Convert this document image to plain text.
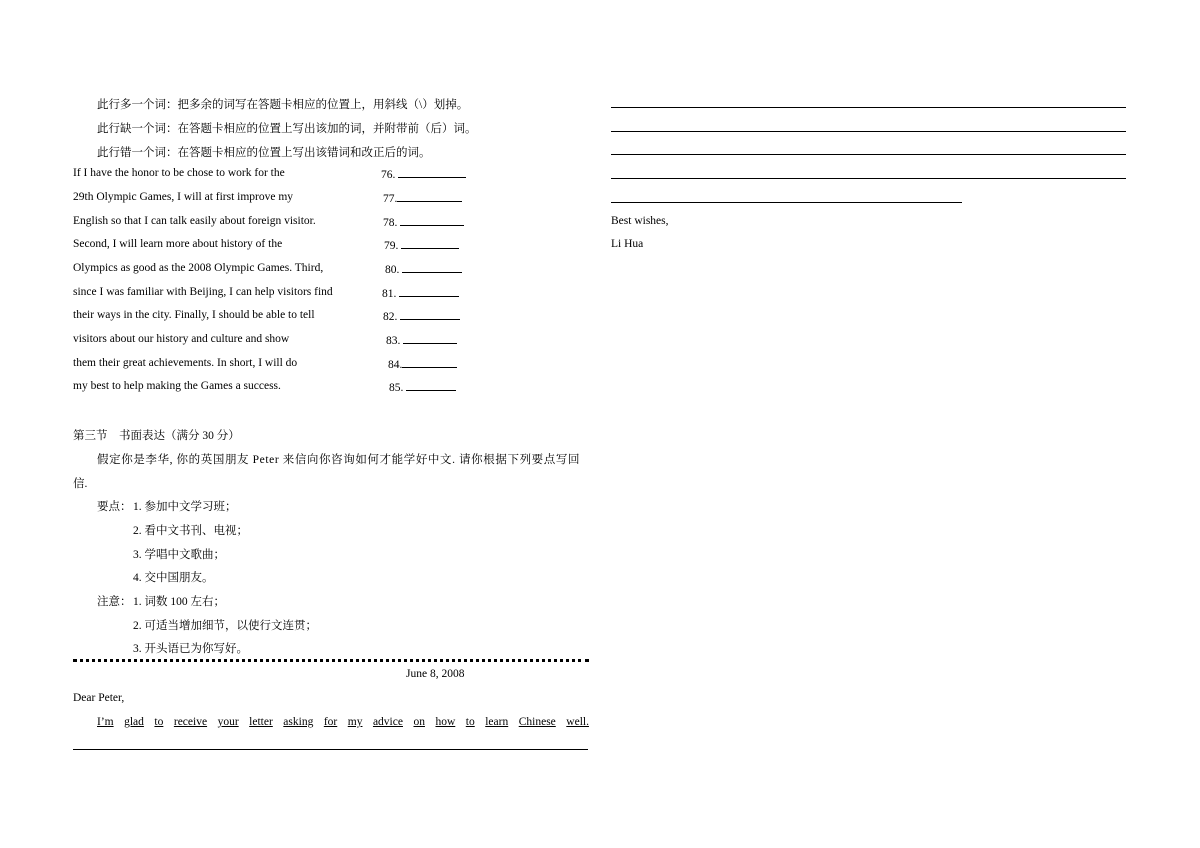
此行多一个词：把多余的词写在答题卡相应的位置上，用斜线（\）划掉。
此行缺一个词：在答题卡相应的位置上写出该加的词，并附带前（后）词。
此行错一个词：在答题卡相应的位置上写出该错词和改正后的词。
If I have the honor to be chose to work for the	76.
29th Olympic Games, I will at first improve my	77.
English so that I can talk easily about foreign visitor.	78.
Second, I will learn more about history of the	79.
Olympics as good as the 2008 Olympic Games. Third,	80.
since I was familiar with Beijing, I can help visitors find	81.
their ways in the city. Finally, I should be able to tell	82.
visitors about our history and culture and show	83.
them their great achievements. In short, I will do	84.
my best to help making the Games a success.	85.
第三节　书面表达（满分 30 分）
假定你是李华, 你的英国朋友 Peter 来信向你咨询如何才能学好中文. 请你根据下列要点写回
信.
要点： 1. 参加中文学习班；
2. 看中文书刊、电视；
3. 学唱中文歌曲；
4. 交中国朋友。
注意： 1. 词数 100 左右；
2. 可适当增加细节，以使行文连贯；
3. 开头语已为你写好。
June 8, 2008
Dear Peter,
I’m glad to receive your letter asking for my advice on how to learn Chinese well.
Best wishes,
Li Hua
